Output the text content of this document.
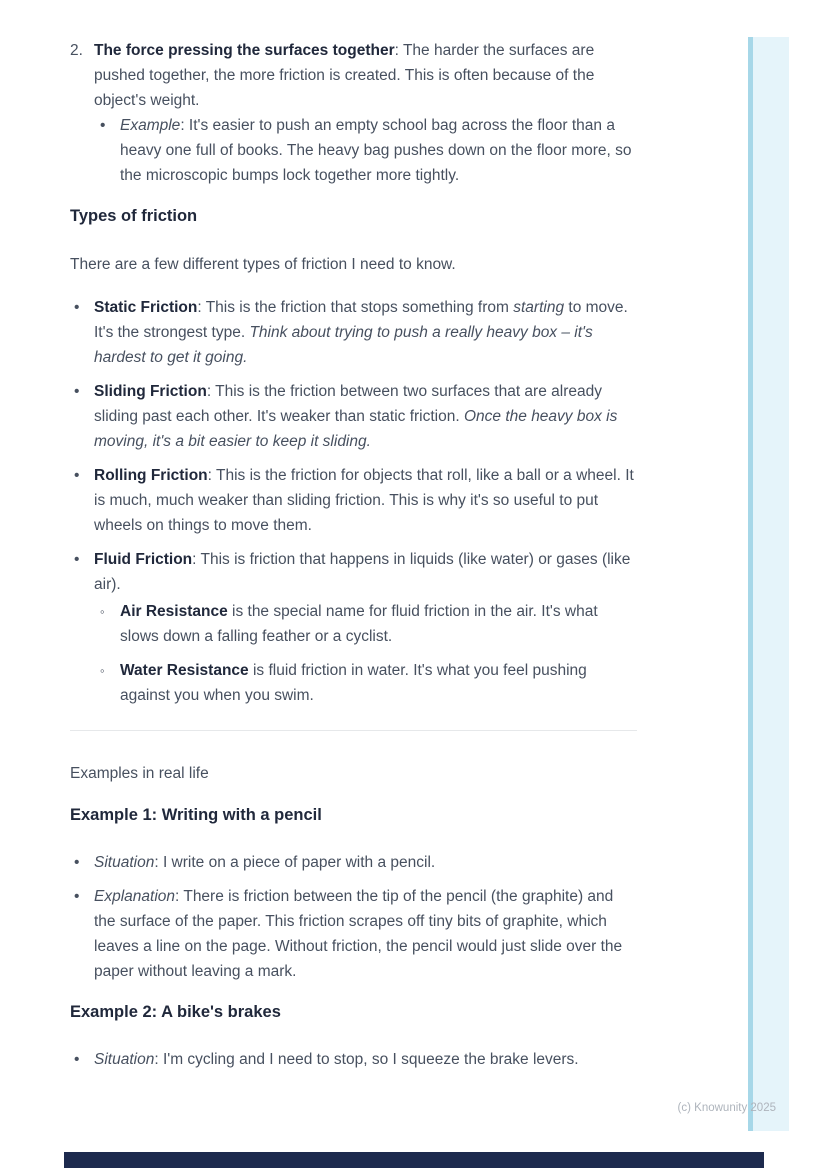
2. The force pressing the surfaces together: The harder the surfaces are pushed together, the more friction is created. This is often because of the object's weight.
• Example: It's easier to push an empty school bag across the floor than a heavy one full of books. The heavy bag pushes down on the floor more, so the microscopic bumps lock together more tightly.
Types of friction

There are a few different types of friction I need to know.

• Static Friction: This is the friction that stops something from starting to move. It's the strongest type. Think about trying to push a really heavy box – it's hardest to get it going.
• Sliding Friction: This is the friction between two surfaces that are already sliding past each other. It's weaker than static friction. Once the heavy box is moving, it's a bit easier to keep it sliding.
• Rolling Friction: This is the friction for objects that roll, like a ball or a wheel. It is much, much weaker than sliding friction. This is why it's so useful to put wheels on things to move them.
• Fluid Friction: This is friction that happens in liquids (like water) or gases (like air).
◦ Air Resistance is the special name for fluid friction in the air. It's what slows down a falling feather or a cyclist.
◦ Water Resistance is fluid friction in water. It's what you feel pushing against you when you swim.

Examples in real life

Example 1: Writing with a pencil
• Situation: I write on a piece of paper with a pencil.
• Explanation: There is friction between the tip of the pencil (the graphite) and the surface of the paper. This friction scrapes off tiny bits of graphite, which leaves a line on the page. Without friction, the pencil would just slide over the paper without leaving a mark.
Example 2: A bike's brakes
• Situation: I'm cycling and I need to stop, so I squeeze the brake levers.
(c) Knowunity 2025
